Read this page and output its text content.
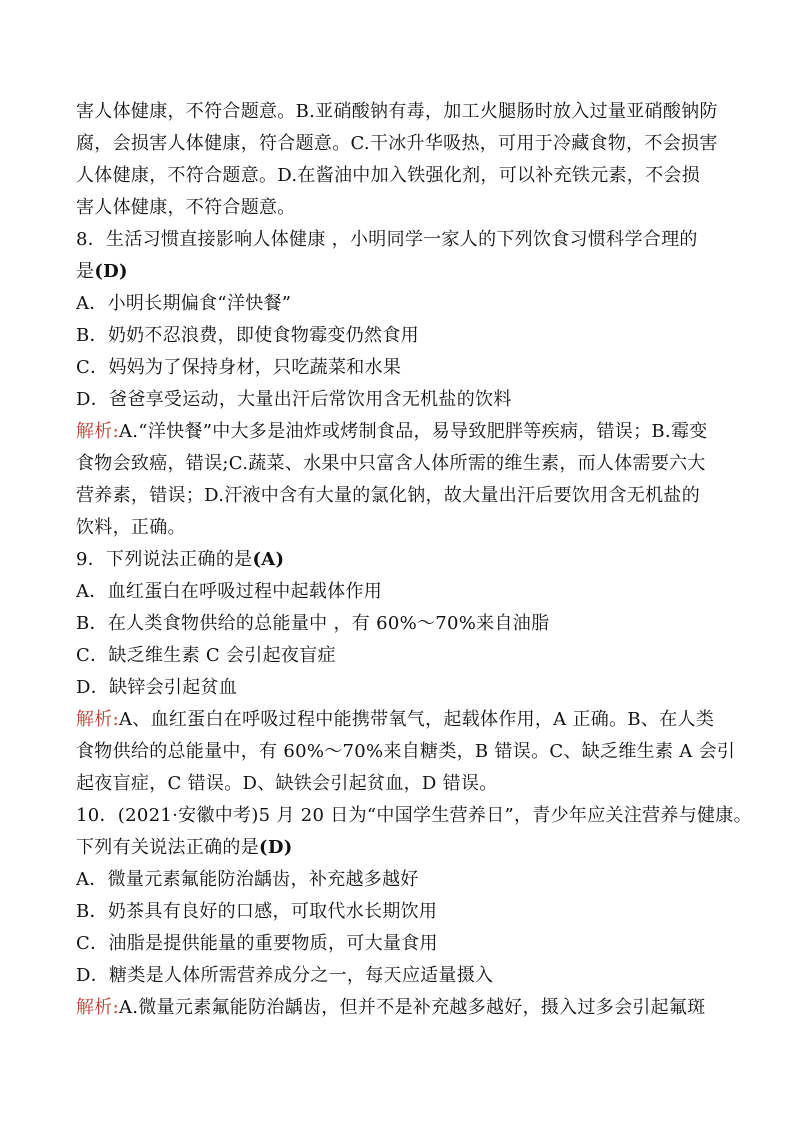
害人体健康，不符合题意。B.亚硝酸钠有毒，加工火腿肠时放入过量亚硝酸钠防
腐，会损害人体健康，符合题意。C.干冰升华吸热，可用于冷藏食物，不会损害
人体健康，不符合题意。D.在酱油中加入铁强化剂，可以补充铁元素，不会损
害人体健康，不符合题意。
8．生活习惯直接影响人体健康 ，小明同学一家人的下列饮食习惯科学合理的
是(D)
A．小明长期偏食“洋快餐”
B．奶奶不忍浪费，即使食物霉变仍然食用
C．妈妈为了保持身材，只吃蔬菜和水果
D．爸爸享受运动，大量出汗后常饮用含无机盐的饮料
解析:A.“洋快餐”中大多是油炸或烤制食品，易导致肥胖等疾病，错误；B.霉变
食物会致癌，错误;C.蔬菜、水果中只富含人体所需的维生素，而人体需要六大
营养素，错误；D.汗液中含有大量的氯化钠，故大量出汗后要饮用含无机盐的
饮料，正确。
9．下列说法正确的是(A)
A．血红蛋白在呼吸过程中起载体作用
B．在人类食物供给的总能量中 ，有 60%～70%来自油脂
C．缺乏维生素 C 会引起夜盲症
D．缺锌会引起贫血
解析:A、血红蛋白在呼吸过程中能携带氧气，起载体作用，A 正确。B、在人类
食物供给的总能量中，有 60%～70%来自糖类，B 错误。C、缺乏维生素 A 会引
起夜盲症，C 错误。D、缺铁会引起贫血，D 错误。
10．(2021·安徽中考)5 月 20 日为“中国学生营养日”，青少年应关注营养与健康。
下列有关说法正确的是(D)
A．微量元素氟能防治龋齿，补充越多越好
B．奶茶具有良好的口感，可取代水长期饮用
C．油脂是提供能量的重要物质，可大量食用
D．糖类是人体所需营养成分之一，每天应适量摄入
解析:A.微量元素氟能防治龋齿，但并不是补充越多越好，摄入过多会引起氟斑
